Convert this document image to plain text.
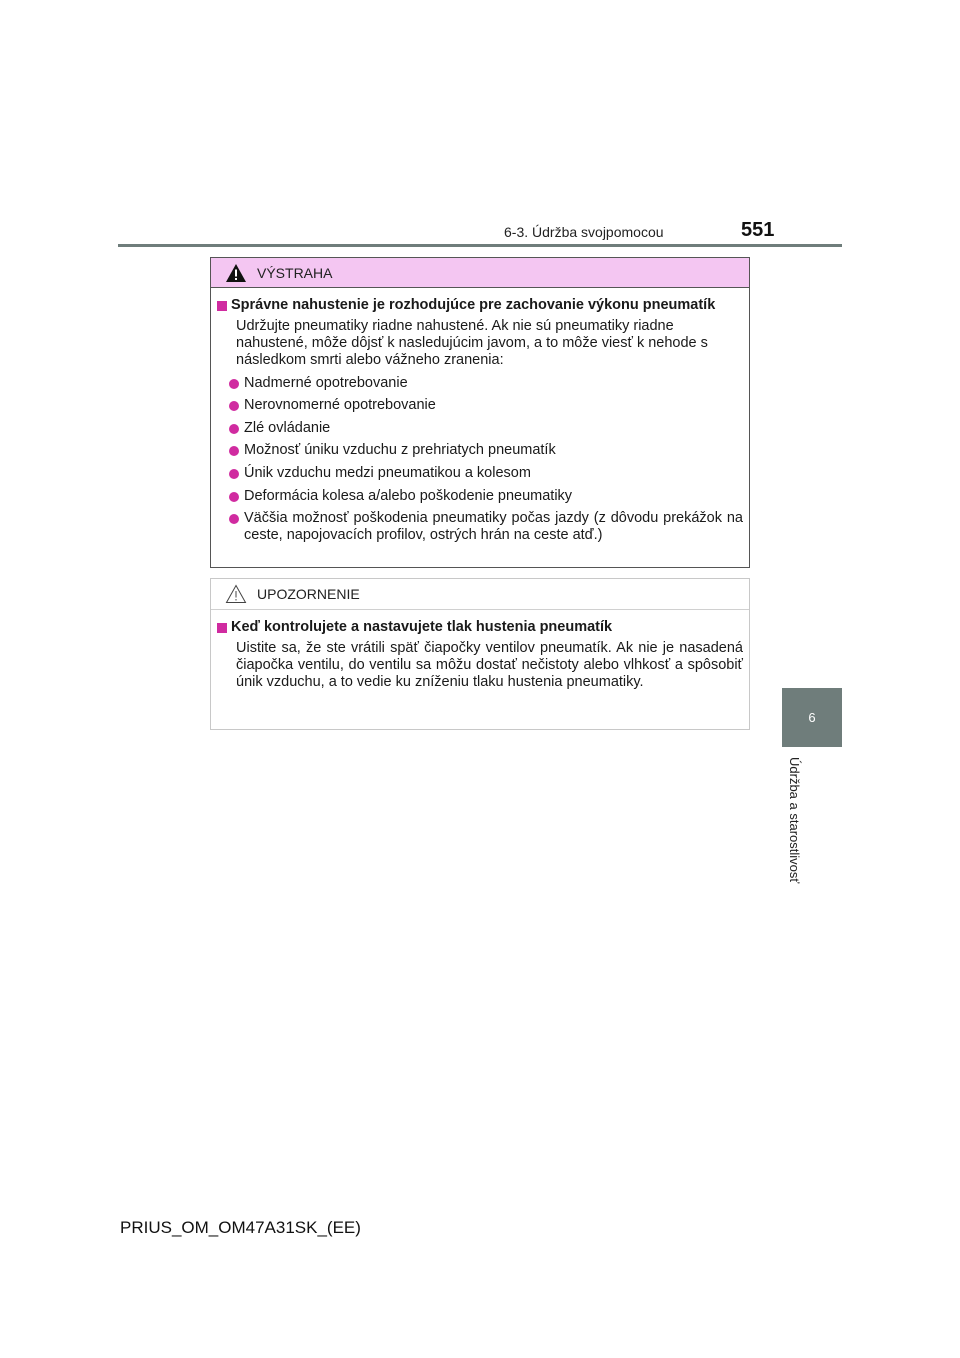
6-3. Údržba svojpomocou	551
6
Údržba a starostlivosť
VÝSTRAHA
Správne nahustenie je rozhodujúce pre zachovanie výkonu pneumatík
Udržujte pneumatiky riadne nahustené. Ak nie sú pneumatiky riadne nahustené, môže dôjsť k nasledujúcim javom, a to môže viesť k nehode s následkom smrti alebo vážneho zranenia:
Nadmerné opotrebovanie
Nerovnomerné opotrebovanie
Zlé ovládanie
Možnosť úniku vzduchu z prehriatych pneumatík
Únik vzduchu medzi pneumatikou a kolesom
Deformácia kolesa a/alebo poškodenie pneumatiky
Väčšia možnosť poškodenia pneumatiky počas jazdy (z dôvodu prekážok na ceste, napojovacích profilov, ostrých hrán na ceste atď.)
UPOZORNENIE
Keď kontrolujete a nastavujete tlak hustenia pneumatík
Uistite sa, že ste vrátili späť čiapočky ventilov pneumatík. Ak nie je nasadená čiapočka ventilu, do ventilu sa môžu dostať nečistoty alebo vlhkosť a spôsobiť únik vzduchu, a to vedie ku zníženiu tlaku hustenia pneumatiky.
PRIUS_OM_OM47A31SK_(EE)
